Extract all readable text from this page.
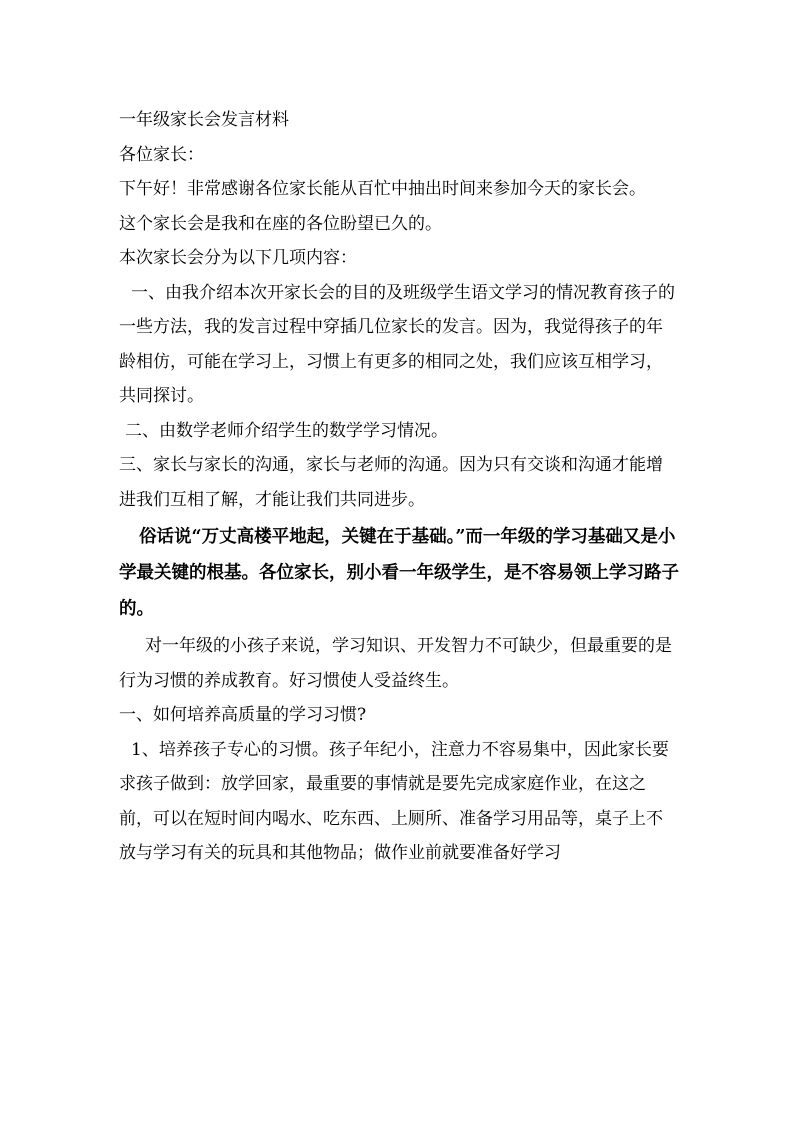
一年级家长会发言材料

各位家长：

下午好！非常感谢各位家长能从百忙中抽出时间来参加今天的家长会。      这个家长会是我和在座的各位盼望已久的。

本次家长会分为以下几项内容：

一、由我介绍本次开家长会的目的及班级学生语文学习的情况教育孩子的一些方法，我的发言过程中穿插几位家长的发言。因为，我觉得孩子的年龄相仿，可能在学习上，习惯上有更多的相同之处，我们应该互相学习，共同探讨。

二、由数学老师介绍学生的数学学习情况。

三、家长与家长的沟通，家长与老师的沟通。因为只有交谈和沟通才能增进我们互相了解，才能让我们共同进步。

俗话说“万丈高楼平地起，关键在于基础。”而一年级的学习基础又是小学最关键的根基。各位家长，别小看一年级学生，是不容易领上学习路子的。

对一年级的小孩子来说，学习知识、开发智力不可缺少，但最重要的是行为习惯的养成教育。好习惯使人受益终生。

一、如何培养高质量的学习习惯?

1、培养孩子专心的习惯。孩子年纪小，注意力不容易集中，因此家长要求孩子做到：放学回家，最重要的事情就是要先完成家庭作业，在这之前，可以在短时间内喝水、吃东西、上厕所、准备学习用品等，桌子上不放与学习有关的玩具和其他物品；做作业前就要准备好学习
